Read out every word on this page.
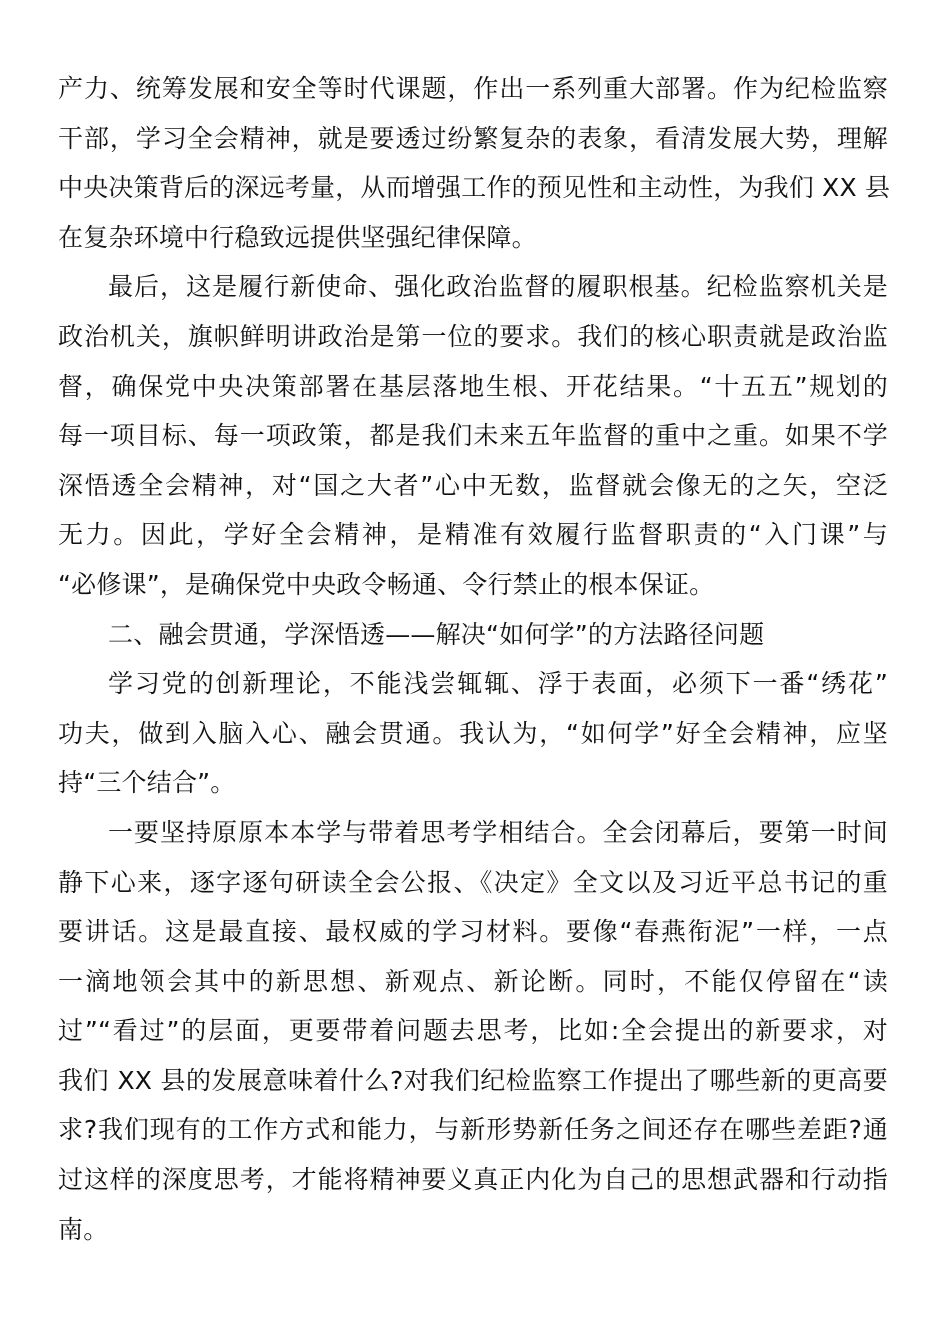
产力、统筹发展和安全等时代课题，作出一系列重大部署。作为纪检监察
干部，学习全会精神，就是要透过纷繁复杂的表象，看清发展大势，理解
中央决策背后的深远考量，从而增强工作的预见性和主动性，为我们 XX 县
在复杂环境中行稳致远提供坚强纪律保障。
最后，这是履行新使命、强化政治监督的履职根基。纪检监察机关是
政治机关，旗帜鲜明讲政治是第一位的要求。我们的核心职责就是政治监
督，确保党中央决策部署在基层落地生根、开花结果。“十五五”规划的
每一项目标、每一项政策，都是我们未来五年监督的重中之重。如果不学
深悟透全会精神，对“国之大者”心中无数，监督就会像无的之矢，空泛
无力。因此，学好全会精神，是精准有效履行监督职责的“入门课”与
“必修课”，是确保党中央政令畅通、令行禁止的根本保证。
二、融会贯通，学深悟透——解决“如何学”的方法路径问题
学习党的创新理论，不能浅尝辄辄、浮于表面，必须下一番“绣花”
功夫，做到入脑入心、融会贯通。我认为，“如何学”好全会精神，应坚
持“三个结合”。
一要坚持原原本本学与带着思考学相结合。全会闭幕后，要第一时间
静下心来，逐字逐句研读全会公报、《决定》全文以及习近平总书记的重
要讲话。这是最直接、最权威的学习材料。要像“春燕衔泥”一样，一点
一滴地领会其中的新思想、新观点、新论断。同时，不能仅停留在“读
过”“看过”的层面，更要带着问题去思考，比如:全会提出的新要求，对
我们 XX 县的发展意味着什么?对我们纪检监察工作提出了哪些新的更高要
求?我们现有的工作方式和能力，与新形势新任务之间还存在哪些差距?通
过这样的深度思考，才能将精神要义真正内化为自己的思想武器和行动指
南。
